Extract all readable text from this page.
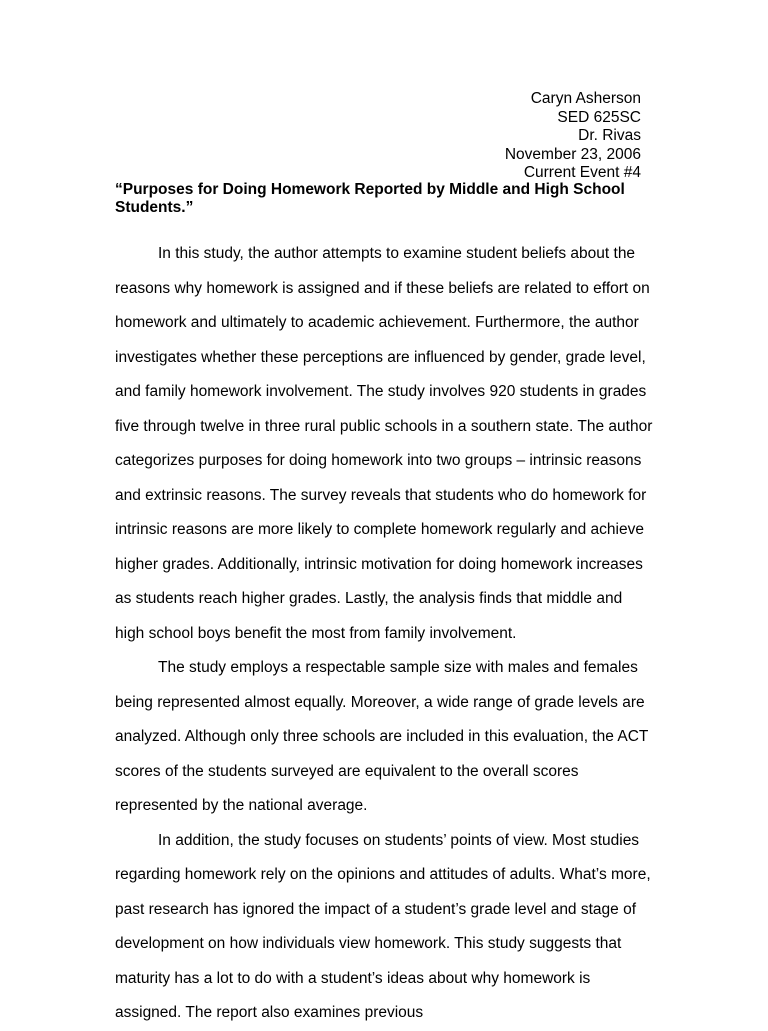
Caryn Asherson
SED 625SC
Dr. Rivas
November 23, 2006
Current Event #4
“Purposes for Doing Homework Reported by Middle and High School Students.”

In this study, the author attempts to examine student beliefs about the reasons why homework is assigned and if these beliefs are related to effort on homework and ultimately to academic achievement. Furthermore, the author investigates whether these perceptions are influenced by gender, grade level, and family homework involvement. The study involves 920 students in grades five through twelve in three rural public schools in a southern state. The author categorizes purposes for doing homework into two groups – intrinsic reasons and extrinsic reasons. The survey reveals that students who do homework for intrinsic reasons are more likely to complete homework regularly and achieve higher grades. Additionally, intrinsic motivation for doing homework increases as students reach higher grades. Lastly, the analysis finds that middle and high school boys benefit the most from family involvement.

The study employs a respectable sample size with males and females being represented almost equally. Moreover, a wide range of grade levels are analyzed. Although only three schools are included in this evaluation, the ACT scores of the students surveyed are equivalent to the overall scores represented by the national average.

In addition, the study focuses on students’ points of view. Most studies regarding homework rely on the opinions and attitudes of adults. What’s more, past research has ignored the impact of a student’s grade level and stage of development on how individuals view homework. This study suggests that maturity has a lot to do with a student’s ideas about why homework is assigned. The report also examines previous
